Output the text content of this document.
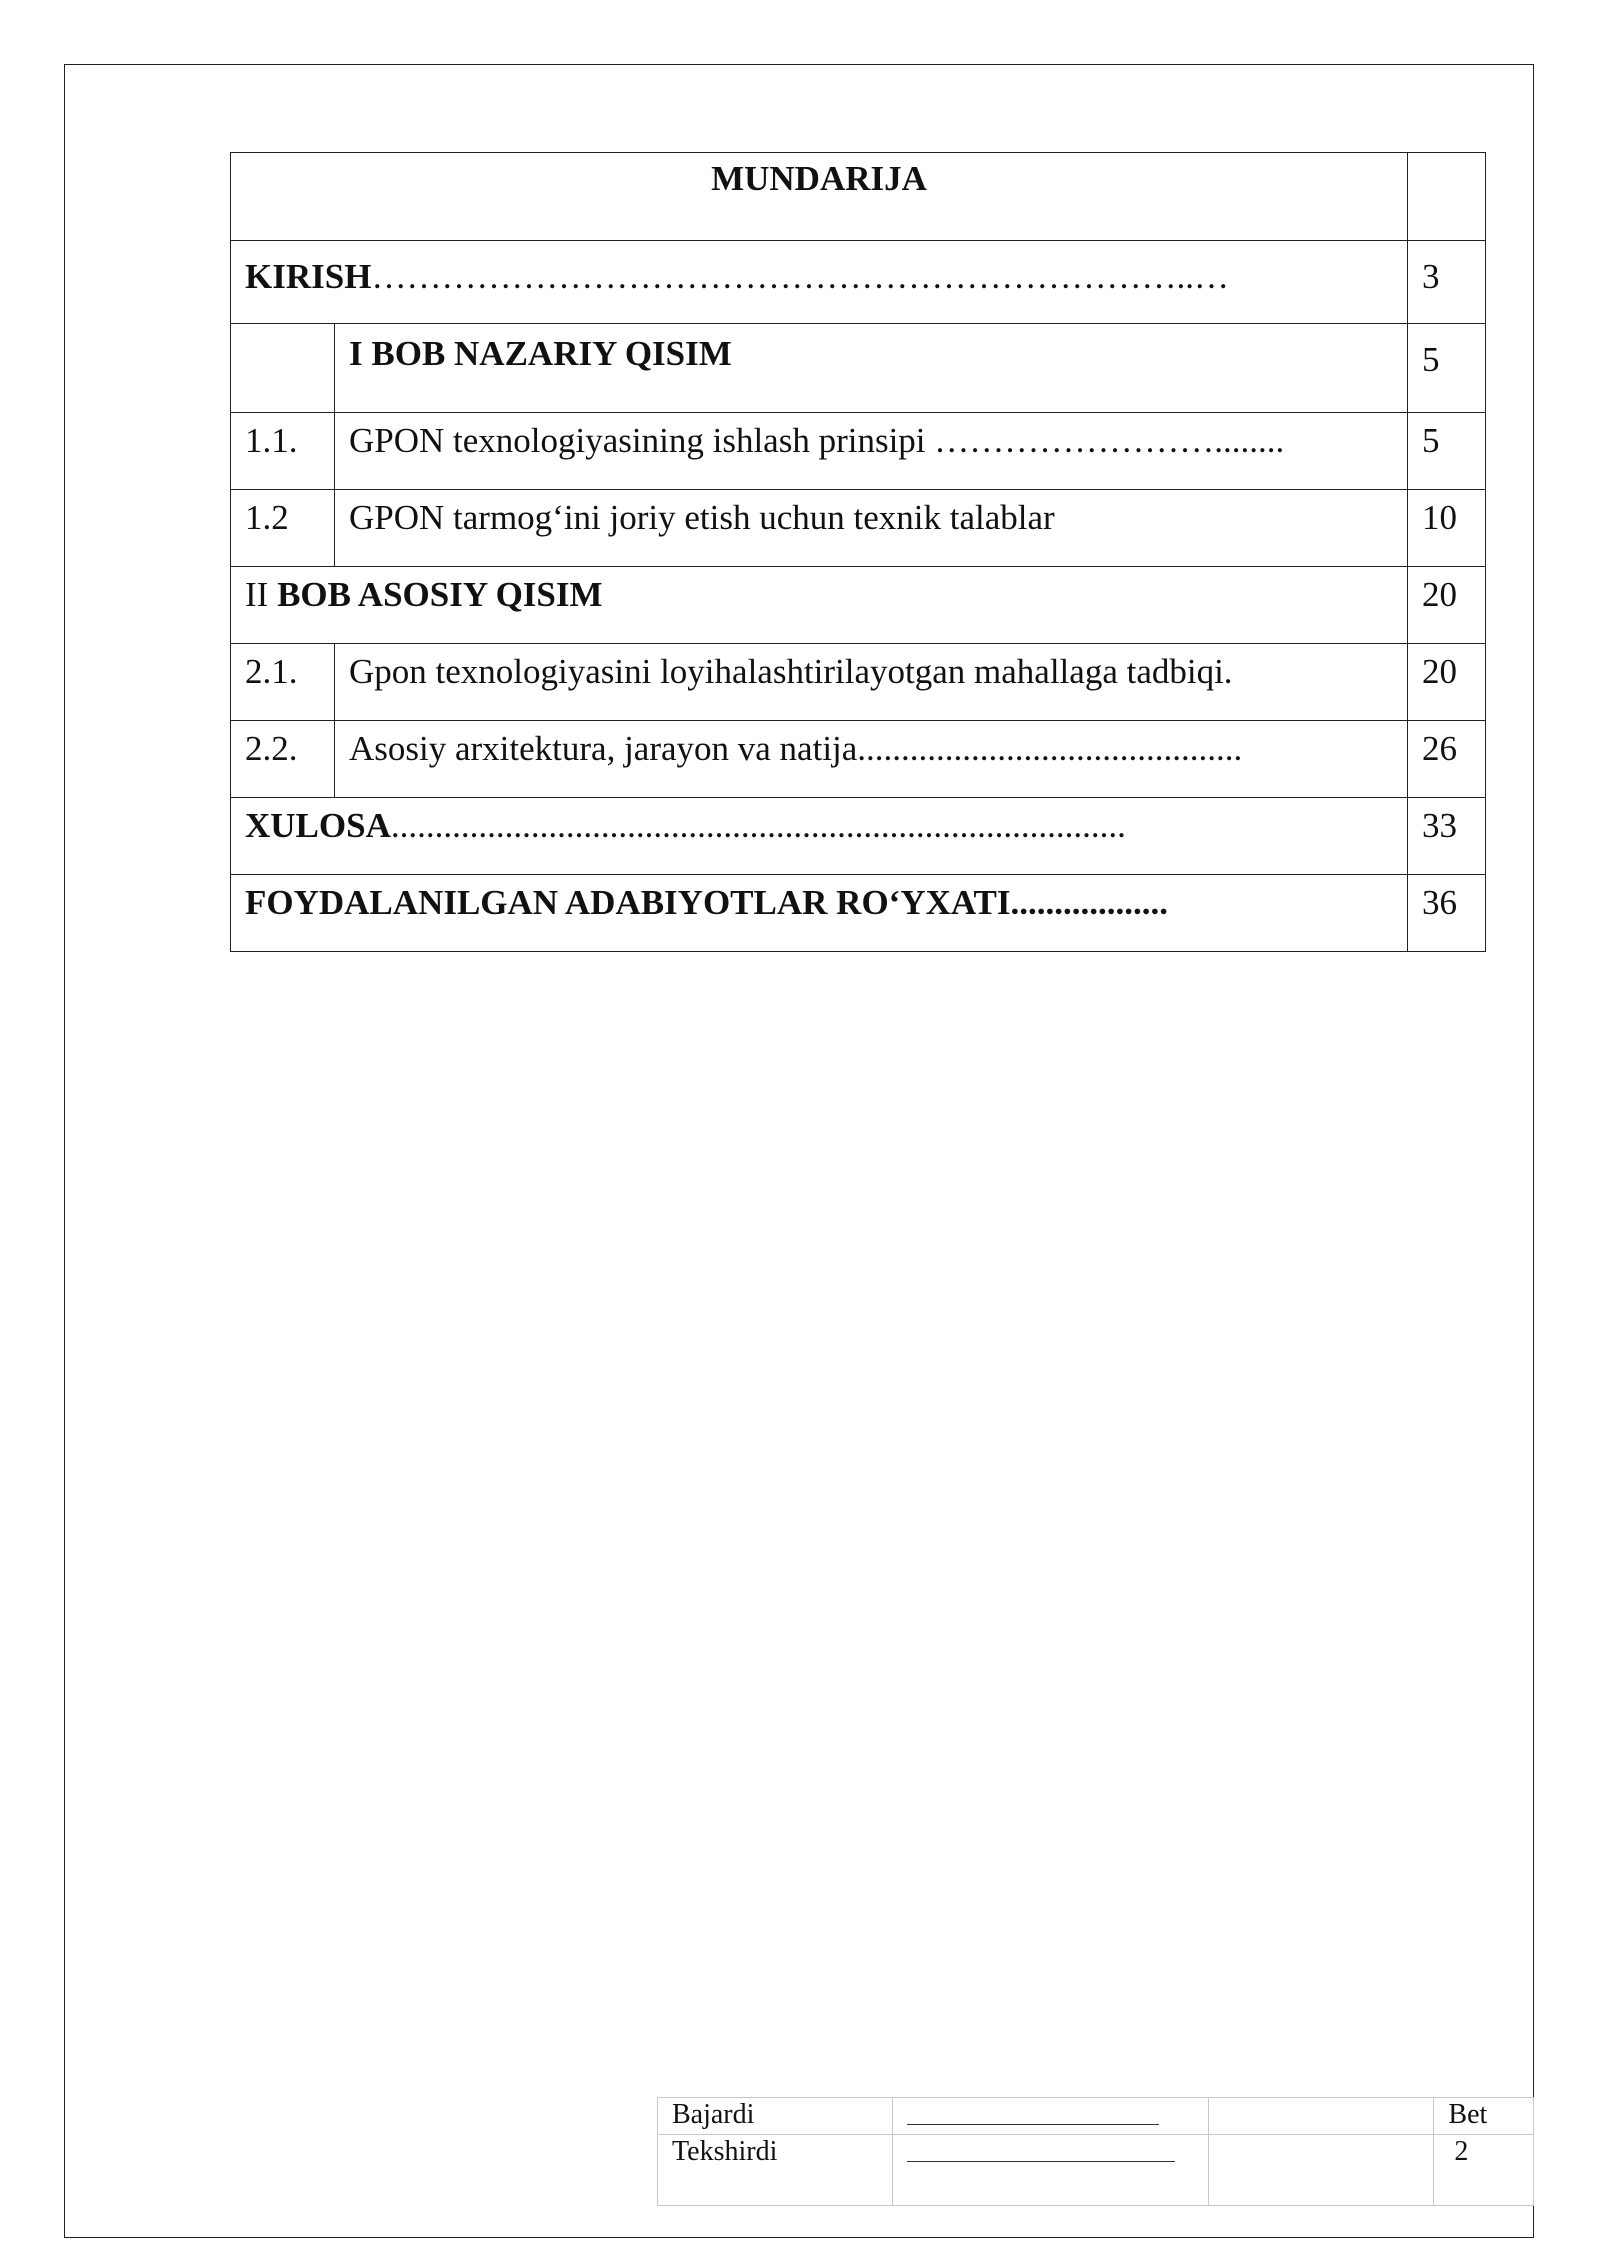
MUNDARIJA		
KIRISH……………………………………………………………..…		3
	I BOB NAZARIY QISIM	5
1.1.	GPON texnologiyasining ishlash prinsipi ……………………........	5
1.2	GPON tarmog‘ini joriy etish uchun texnik talablar	10
II BOB ASOSIY QISIM		20
2.1.	Gpon texnologiyasini loyihalashtirilayotgan mahallaga tadbiqi.	20
2.2.	Asosiy arxitektura, jarayon va natija............................................	26
XULOSA....................................................................................		33
FOYDALANILGAN ADABIYOTLAR RO‘YXATI..................		36
Bajardi			Bet
Tekshirdi			2
